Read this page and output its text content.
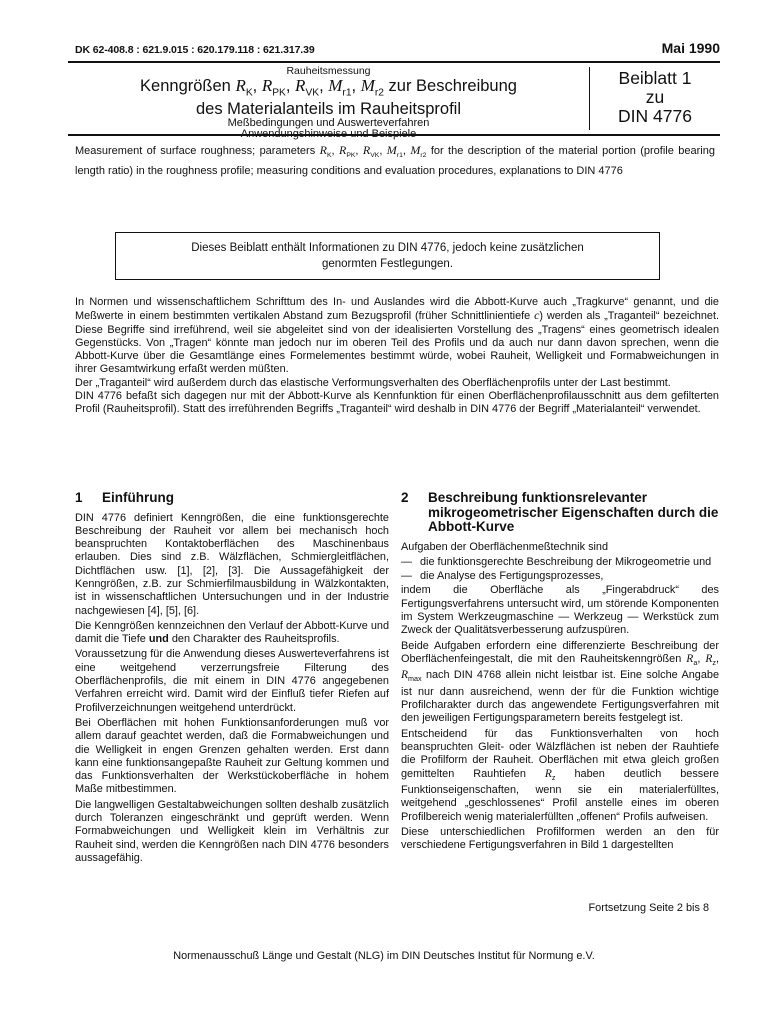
DK 62-408.8 : 621.9.015 : 620.179.118 : 621.317.39	Mai 1990
Rauheitsmessung
Kenngrößen $R_K$, $R_{PK}$, $R_{VK}$, $M_{r1}$, $M_{r2}$ zur Beschreibung
des Materialanteils im Rauheitsprofil
Meßbedingungen und Auswerteverfahren
Anwendungshinweise und Beispiele
Beiblatt 1
zu
DIN 4776
Measurement of surface roughness; parameters $R_K$, $R_{PK}$, $R_{VK}$, $M_{r1}$, $M_{r2}$ for the description of the material portion (profile bearing length ratio) in the roughness profile; measuring conditions and evaluation procedures, explanations to DIN 4776
Dieses Beiblatt enthält Informationen zu DIN 4776, jedoch keine zusätzlichen
genormten Festlegungen.

In Normen und wissenschaftlichem Schrifttum des In- und Auslandes wird die Abbott-Kurve auch „Tragkurve“ genannt, und die Meßwerte in einem bestimmten vertikalen Abstand zum Bezugsprofil (früher Schnittlinientiefe c) werden als „Traganteil“ bezeichnet. Diese Begriffe sind irreführend, weil sie abgeleitet sind von der idealisierten Vorstellung des „Tragens“ eines geometrisch idealen Gegenstücks. Von „Tragen“ könnte man jedoch nur im oberen Teil des Profils und da auch nur dann davon sprechen, wenn die Abbott-Kurve über die Gesamtlänge eines Formelementes bestimmt würde, wobei Rauheit, Welligkeit und Formabweichungen in ihrer Gesamtwirkung erfaßt werden müßten.

Der „Traganteil“ wird außerdem durch das elastische Verformungsverhalten des Oberflächenprofils unter der Last bestimmt.

DIN 4776 befaßt sich dagegen nur mit der Abbott-Kurve als Kennfunktion für einen Oberflächenprofilausschnitt aus dem gefilterten Profil (Rauheitsprofil). Statt des irreführenden Begriffs „Traganteil“ wird deshalb in DIN 4776 der Begriff „Materialanteil“ verwendet.

1	Einführung

DIN 4776 definiert Kenngrößen, die eine funktionsgerechte Beschreibung der Rauheit vor allem bei mechanisch hoch beanspruchten Kontaktoberflächen des Maschinenbaus erlauben. Dies sind z.B. Wälzflächen, Schmiergleitflächen, Dichtflächen usw. [1], [2], [3]. Die Aussagefähigkeit der Kenngrößen, z.B. zur Schmierfilmausbildung in Wälzkontakten, ist in wissenschaftlichen Untersuchungen und in der Industrie nachgewiesen [4], [5], [6].

Die Kenngrößen kennzeichnen den Verlauf der Abbott-Kurve und damit die Tiefe und den Charakter des Rauheitsprofils.

Voraussetzung für die Anwendung dieses Auswerteverfahrens ist eine weitgehend verzerrungsfreie Filterung des Oberflächenprofils, die mit einem in DIN 4776 angegebenen Verfahren erreicht wird. Damit wird der Einfluß tiefer Riefen auf Profilverzeichnungen weitgehend unterdrückt.

Bei Oberflächen mit hohen Funktionsanforderungen muß vor allem darauf geachtet werden, daß die Formabweichungen und die Welligkeit in engen Grenzen gehalten werden. Erst dann kann eine funktionsangepaßte Rauheit zur Geltung kommen und das Funktionsverhalten der Werkstückoberfläche in hohem Maße mitbestimmen.

Die langwelligen Gestaltabweichungen sollten deshalb zusätzlich durch Toleranzen eingeschränkt und geprüft werden. Wenn Formabweichungen und Welligkeit klein im Verhältnis zur Rauheit sind, werden die Kenngrößen nach DIN 4776 besonders aussagefähig.

2	Beschreibung funktionsrelevanter mikrogeometrischer Eigenschaften durch die Abbott-Kurve

Aufgaben der Oberflächenmeßtechnik sind

— die funktionsgerechte Beschreibung der Mikrogeometrie und
— die Analyse des Fertigungsprozesses,

indem die Oberfläche als „Fingerabdruck“ des Fertigungsverfahrens untersucht wird, um störende Komponenten im System Werkzeugmaschine — Werkzeug — Werkstück zum Zweck der Qualitätsverbesserung aufzuspüren.

Beide Aufgaben erfordern eine differenzierte Beschreibung der Oberflächenfeingestalt, die mit den Rauheitskenngrößen $R_a$, $R_z$, $R_{max}$ nach DIN 4768 allein nicht leistbar ist. Eine solche Angabe ist nur dann ausreichend, wenn der für die Funktion wichtige Profilcharakter durch das angewendete Fertigungsverfahren mit den jeweiligen Fertigungsparametern bereits festgelegt ist.

Entscheidend für das Funktionsverhalten von hoch beanspruchten Gleit- oder Wälzflächen ist neben der Rauhtiefe die Profilform der Rauheit. Oberflächen mit etwa gleich großen gemittelten Rauhtiefen $R_z$ haben deutlich bessere Funktionseigenschaften, wenn sie ein materialerfülltes, weitgehend „geschlossenes“ Profil anstelle eines im oberen Profilbereich wenig materialerfüllten „offenen“ Profils aufweisen.

Diese unterschiedlichen Profilformen werden an den für verschiedene Fertigungsverfahren in Bild 1 dargestellten

Fortsetzung Seite 2 bis 8
Normenausschuß Länge und Gestalt (NLG) im DIN Deutsches Institut für Normung e.V.
